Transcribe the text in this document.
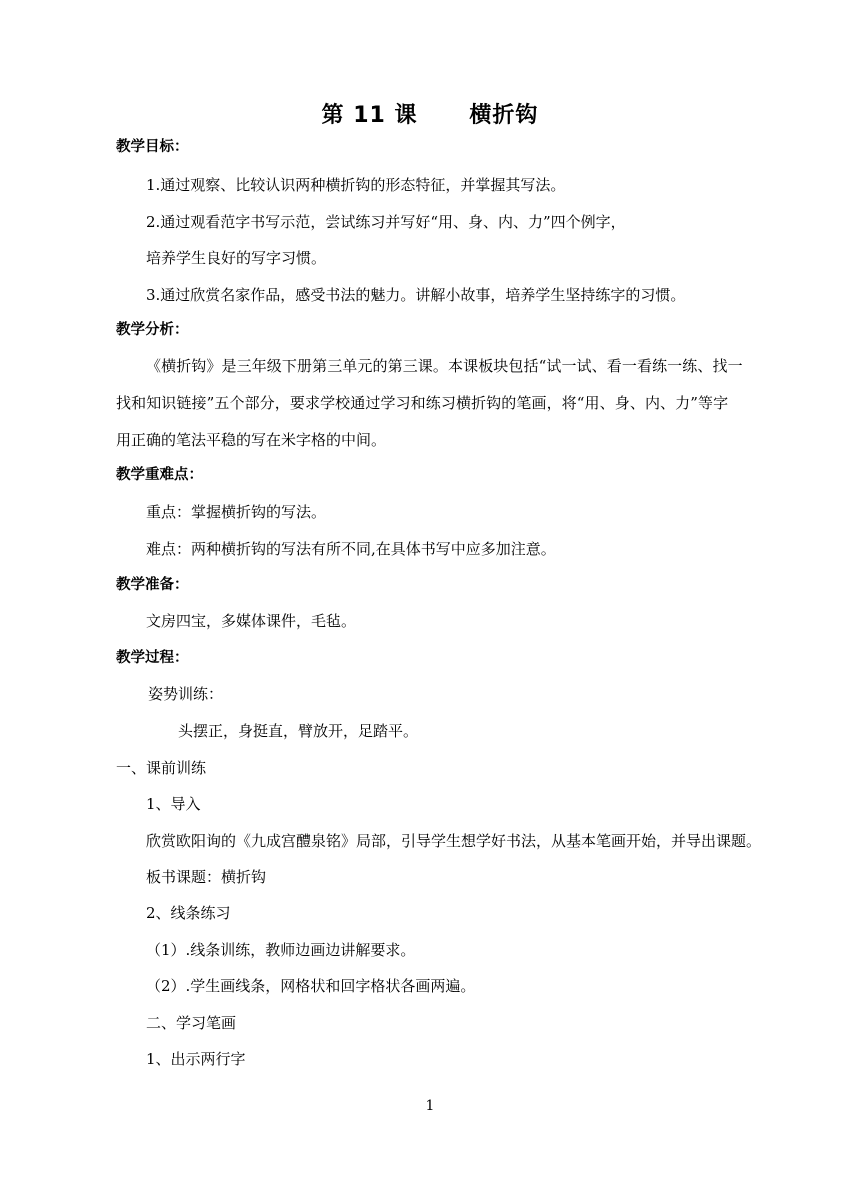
第 11 课      横折钩
教学目标：
1.通过观察、比较认识两种横折钩的形态特征，并掌握其写法。
2.通过观看范字书写示范，尝试练习并写好“用、身、内、力”四个例字，
培养学生良好的写字习惯。
3.通过欣赏名家作品，感受书法的魅力。讲解小故事，培养学生坚持练字的习惯。
教学分析：
《横折钩》是三年级下册第三单元的第三课。本课板块包括“试一试、看一看练一练、找一
找和知识链接”五个部分，要求学校通过学习和练习横折钩的笔画，将“用、身、内、力”等字
用正确的笔法平稳的写在米字格的中间。
教学重难点：
重点：掌握横折钩的写法。
难点：两种横折钩的写法有所不同,在具体书写中应多加注意。
教学准备：
文房四宝，多媒体课件，毛毡。
教学过程：
姿势训练：
头摆正，身挺直，臂放开，足踏平。
一、课前训练
1、导入
欣赏欧阳询的《九成宫醴泉铭》局部，引导学生想学好书法，从基本笔画开始，并导出课题。
板书课题：横折钩
2、线条练习
（1）.线条训练，教师边画边讲解要求。
（2）.学生画线条，网格状和回字格状各画两遍。
二、学习笔画
1、出示两行字
1
